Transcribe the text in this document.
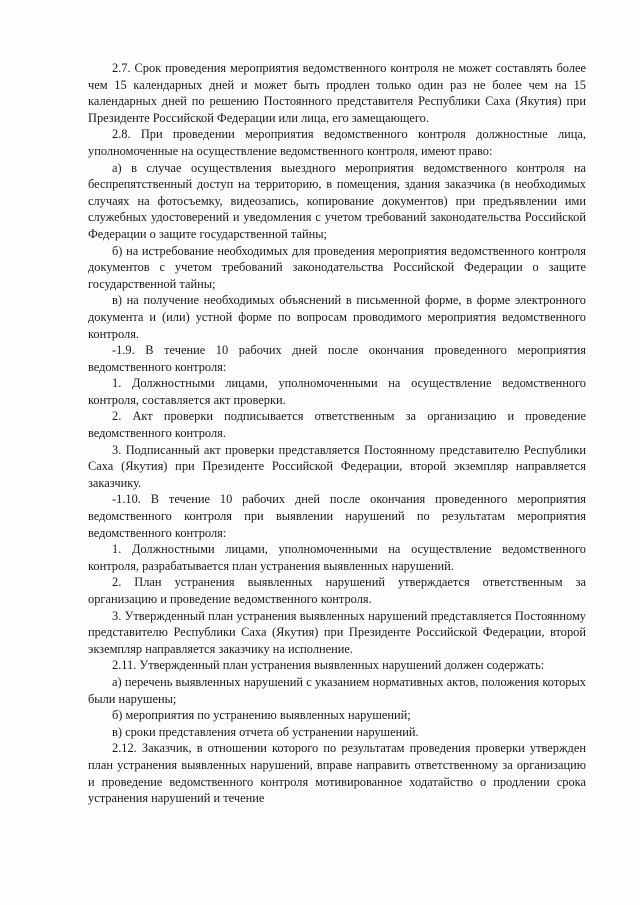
2.7. Срок проведения мероприятия ведомственного контроля не может составлять более чем 15 календарных дней и может быть продлен только один раз не более чем на 15 календарных дней по решению Постоянного представителя Республики Саха (Якутия) при Президенте Российской Федерации или лица, его замещающего.

2.8. При проведении мероприятия ведомственного контроля должностные лица, уполномоченные на осуществление ведомственного контроля, имеют право:

а) в случае осуществления выездного мероприятия ведомственного контроля на беспрепятственный доступ на территорию, в помещения, здания заказчика (в необходимых случаях на фотосъемку, видеозапись, копирование документов) при предъявлении ими служебных удостоверений и уведомления с учетом требований законодательства Российской Федерации о защите государственной тайны;

б) на истребование необходимых для проведения мероприятия ведомственного контроля документов с учетом требований законодательства Российской Федерации о защите государственной тайны;

в) на получение необходимых объяснений в письменной форме, в форме электронного документа и (или) устной форме по вопросам проводимого мероприятия ведомственного контроля.

-1.9. В течение 10 рабочих дней после окончания проведенного мероприятия ведомственного контроля:

1. Должностными лицами, уполномоченными на осуществление ведомственного контроля, составляется акт проверки.

2. Акт проверки подписывается ответственным за организацию и проведение ведомственного контроля.

3. Подписанный акт проверки представляется Постоянному представителю Республики Саха (Якутия) при Президенте Российской Федерации, второй экземпляр направляется заказчику.

-1.10. В течение 10 рабочих дней после окончания проведенного мероприятия ведомственного контроля при выявлении нарушений по результатам мероприятия ведомственного контроля:

1. Должностными лицами, уполномоченными на осуществление ведомственного контроля, разрабатывается план устранения выявленных нарушений.

2. План устранения выявленных нарушений утверждается ответственным за организацию и проведение ведомственного контроля.

3. Утвержденный план устранения выявленных нарушений представляется Постоянному представителю Республики Саха (Якутия) при Президенте Российской Федерации, второй экземпляр направляется заказчику на исполнение.

2.11. Утвержденный план устранения выявленных нарушений должен содержать:

а) перечень выявленных нарушений с указанием нормативных актов, положения которых были нарушены;

б) мероприятия по устранению выявленных нарушений;

в) сроки представления отчета об устранении нарушений.

2.12. Заказчик, в отношении которого по результатам проведения проверки утвержден план устранения выявленных нарушений, вправе направить ответственному за организацию и проведение ведомственного контроля мотивированное ходатайство о продлении срока устранения нарушений и течение
